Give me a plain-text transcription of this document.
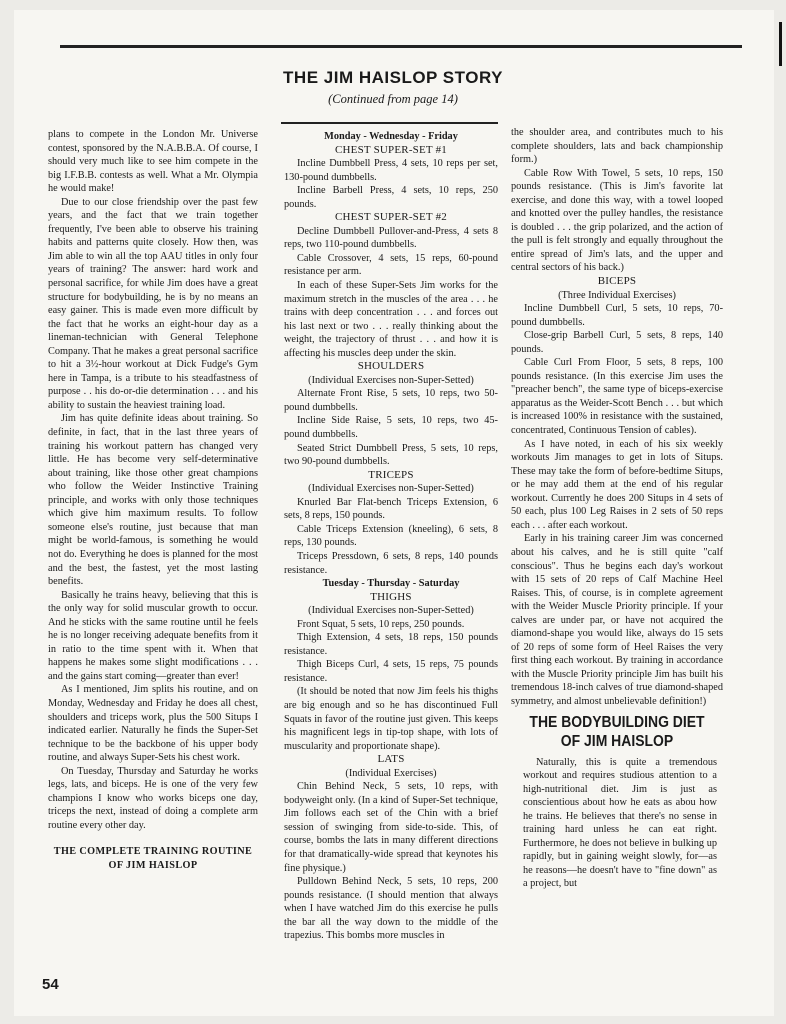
THE JIM HAISLOP STORY
(Continued from page 14)

plans to compete in the London Mr. Universe contest, sponsored by the N.A.B.B.A. Of course, I should very much like to see him compete in the big I.F.B.B. contests as well. What a Mr. Olympia he would make!

Due to our close friendship over the past few years, and the fact that we train together frequently, I've been able to observe his training habits and patterns quite closely. How then, was Jim able to win all the top AAU titles in only four years of training? The answer: hard work and personal sacrifice, for while Jim does have a great structure for bodybuilding, he is by no means an easy gainer. This is made even more difficult by the fact that he works an eight-hour day as a lineman-technician with General Telephone Company. That he makes a great personal sacrifice to hit a 3½-hour workout at Dick Fudge's Gym here in Tampa, is a tribute to his steadfastness of purpose . . his do-or-die determination . . . and his ability to sustain the heaviest training load.

Jim has quite definite ideas about training. So definite, in fact, that in the last three years of training his workout pattern has changed very little. He has become very self-determinative about training, like those other great champions who follow the Weider Instinctive Training principle, and works with only those techniques which give him maximum results. To follow someone else's routine, just because that man might be world-famous, is something he would not do. Everything he does is planned for the most and the best, the fastest, yet the most lasting benefits.

Basically he trains heavy, believing that this is the only way for solid muscular growth to occur. And he sticks with the same routine until he feels he is no longer receiving adequate benefits from it in ratio to the time spent with it. When that happens he makes some slight modifications . . . and the gains start coming—greater than ever!

As I mentioned, Jim splits his routine, and on Monday, Wednesday and Friday he does all chest, shoulders and triceps work, plus the 500 Situps I indicated earlier. Naturally he finds the Super-Set technique to be the backbone of his upper body routine, and always Super-Sets his chest work.

On Tuesday, Thursday and Saturday he works legs, lats, and biceps. He is one of the very few champions I know who works biceps one day, triceps the next, instead of doing a complete arm routine every other day.

THE COMPLETE TRAINING ROUTINE OF JIM HAISLOP

Monday - Wednesday - Friday

CHEST SUPER-SET #1

Incline Dumbbell Press, 4 sets, 10 reps per set, 130-pound dumbbells.

Incline Barbell Press, 4 sets, 10 reps, 250 pounds.

CHEST SUPER-SET #2

Decline Dumbbell Pullover-and-Press, 4 sets 8 reps, two 110-pound dumbbells.

Cable Crossover, 4 sets, 15 reps, 60-pound resistance per arm.

In each of these Super-Sets Jim works for the maximum stretch in the muscles of the area . . . he trains with deep concentration . . . and forces out his last next or two . . . really thinking about the weight, the trajectory of thrust . . . and how it is affecting his muscles deep under the skin.

SHOULDERS

(Individual Exercises non-Super-Setted)

Alternate Front Rise, 5 sets, 10 reps, two 50-pound dumbbells.

Incline Side Raise, 5 sets, 10 reps, two 45-pound dumbbells.

Seated Strict Dumbbell Press, 5 sets, 10 reps, two 90-pound dumbbells.

TRICEPS

(Individual Exercises non-Super-Setted)

Knurled Bar Flat-bench Triceps Extension, 6 sets, 8 reps, 150 pounds.

Cable Triceps Extension (kneeling), 6 sets, 8 reps, 130 pounds.

Triceps Pressdown, 6 sets, 8 reps, 140 pounds resistance.

Tuesday - Thursday - Saturday

THIGHS

(Individual Exercises non-Super-Setted)

Front Squat, 5 sets, 10 reps, 250 pounds.

Thigh Extension, 4 sets, 18 reps, 150 pounds resistance.

Thigh Biceps Curl, 4 sets, 15 reps, 75 pounds resistance.

(It should be noted that now Jim feels his thighs are big enough and so he has discontinued Full Squats in favor of the routine just given. This keeps his magnificent legs in tip-top shape, with lots of muscularity and proportionate shape).

LATS

(Individual Exercises)

Chin Behind Neck, 5 sets, 10 reps, with bodyweight only. (In a kind of Super-Set technique, Jim follows each set of the Chin with a brief session of swinging from side-to-side. This, of course, bombs the lats in many different directions for that dramatically-wide spread that keynotes his fine physique.)

Pulldown Behind Neck, 5 sets, 10 reps, 200 pounds resistance. (I should mention that always when I have watched Jim do this exercise he pulls the bar all the way down to the middle of the trapezius. This bombs more muscles in

the shoulder area, and contributes much to his complete shoulders, lats and back championship form.)

Cable Row With Towel, 5 sets, 10 reps, 150 pounds resistance. (This is Jim's favorite lat exercise, and done this way, with a towel looped and knotted over the pulley handles, the resistance is doubled . . . the grip polarized, and the action of the pull is felt strongly and equally throughout the entire spread of Jim's lats, and the upper and central sectors of his back.)

BICEPS

(Three Individual Exercises)

Incline Dumbbell Curl, 5 sets, 10 reps, 70-pound dumbbells.

Close-grip Barbell Curl, 5 sets, 8 reps, 140 pounds.

Cable Curl From Floor, 5 sets, 8 reps, 100 pounds resistance. (In this exercise Jim uses the "preacher bench", the same type of biceps-exercise apparatus as the Weider-Scott Bench . . . but which is increased 100% in resistance with the sustained, concentrated, Continuous Tension of cables).

As I have noted, in each of his six weekly workouts Jim manages to get in lots of Situps. These may take the form of before-bedtime Situps, or he may add them at the end of his regular workout. Currently he does 200 Situps in 4 sets of 50 each, plus 100 Leg Raises in 2 sets of 50 reps each . . . after each workout.

Early in his training career Jim was concerned about his calves, and he is still quite "calf conscious". Thus he begins each day's workout with 15 sets of 20 reps of Calf Machine Heel Raises. This, of course, is in complete agreement with the Weider Muscle Priority principle. If your calves are under par, or have not acquired the diamond-shape you would like, always do 15 sets of 20 reps of some form of Heel Raises the very first thing each workout. By training in accordance with the Muscle Priority principle Jim has built his tremendous 18-inch calves of true diamond-shaped symmetry, and almost unbelievable definition!)

THE BODYBUILDING DIET OF JIM HAISLOP

Naturally, this is quite a tremendous workout and requires studious attention to a high-nutritional diet. Jim is just as conscientious about how he eats as abou how he trains. He believes that there's no sense in training hard unless he can eat right. Furthermore, he does not believe in bulking up rapidly, but in gaining weight slowly, for—as he reasons—he doesn't have to "fine down" as a project, but

54
